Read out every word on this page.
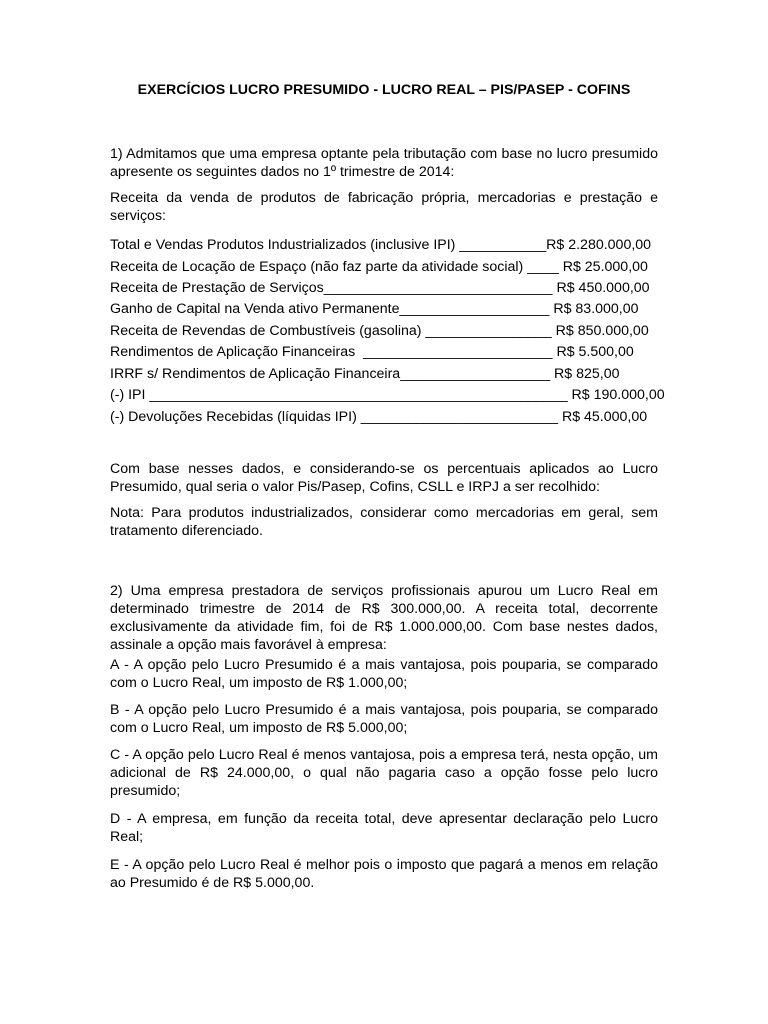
EXERCÍCIOS LUCRO PRESUMIDO - LUCRO REAL – PIS/PASEP - COFINS

1) Admitamos que uma empresa optante pela tributação com base no lucro presumido apresente os seguintes dados no 1º trimestre de 2014:

Receita da venda de produtos de fabricação própria, mercadorias e prestação e serviços:

Total e Vendas Produtos Industrializados (inclusive IPI) ___________R$ 2.280.000,00
Receita de Locação de Espaço (não faz parte da atividade social) ____ R$ 25.000,00
Receita de Prestação de Serviços_____________________________ R$ 450.000,00
Ganho de Capital na Venda ativo Permanente___________________ R$ 83.000,00
Receita de Revendas de Combustíveis (gasolina) ________________ R$ 850.000,00
Rendimentos de Aplicação Financeiras  ________________________ R$ 5.500,00
IRRF s/ Rendimentos de Aplicação Financeira___________________ R$ 825,00
(-) IPI _____________________________________________________ R$ 190.000,00
(-) Devoluções Recebidas (líquidas IPI) _________________________ R$ 45.000,00

Com base nesses dados, e considerando-se os percentuais aplicados ao Lucro Presumido, qual seria o valor Pis/Pasep, Cofins, CSLL e IRPJ a ser recolhido:

Nota: Para produtos industrializados, considerar como mercadorias em geral, sem tratamento diferenciado.

2) Uma empresa prestadora de serviços profissionais apurou um Lucro Real em determinado trimestre de 2014 de R$ 300.000,00. A receita total, decorrente exclusivamente da atividade fim, foi de R$ 1.000.000,00. Com base nestes dados, assinale a opção mais favorável à empresa:

A - A opção pelo Lucro Presumido é a mais vantajosa, pois pouparia, se comparado com o Lucro Real, um imposto de R$ 1.000,00;

B - A opção pelo Lucro Presumido é a mais vantajosa, pois pouparia, se comparado com o Lucro Real, um imposto de R$ 5.000,00;

C - A opção pelo Lucro Real é menos vantajosa, pois a empresa terá, nesta opção, um adicional de R$ 24.000,00, o qual não pagaria caso a opção fosse pelo lucro presumido;

D - A empresa, em função da receita total, deve apresentar declaração pelo Lucro Real;

E - A opção pelo Lucro Real é melhor pois o imposto que pagará a menos em relação ao Presumido é de R$ 5.000,00.
